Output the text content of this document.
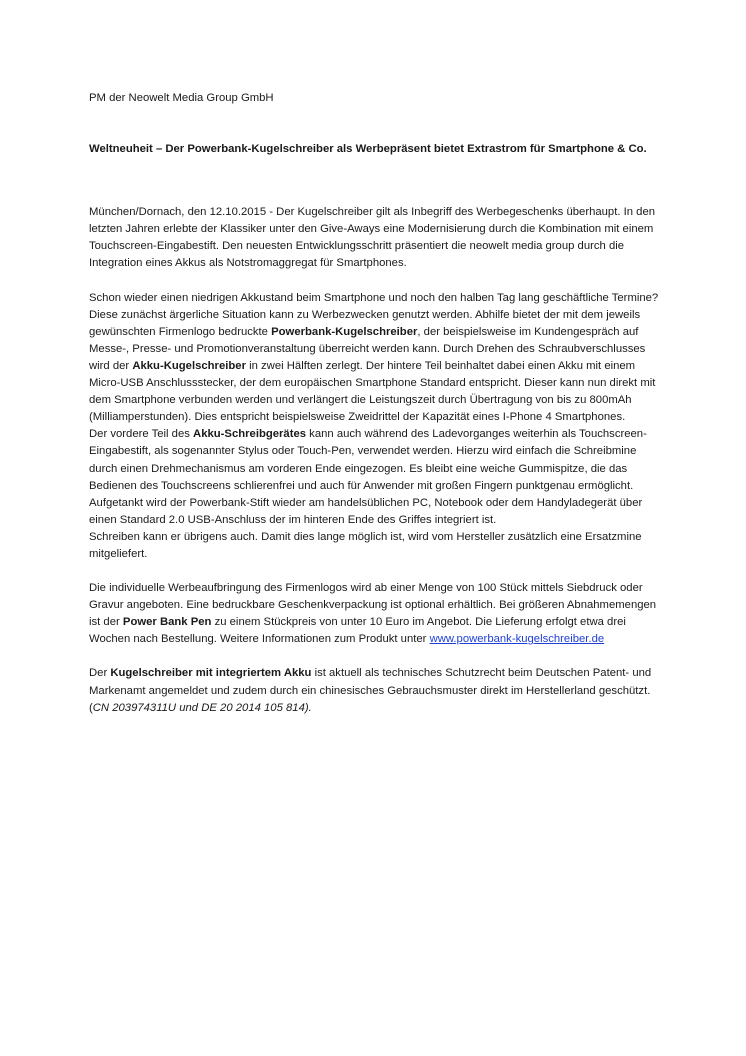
PM der Neowelt Media Group GmbH

Weltneuheit – Der Powerbank-Kugelschreiber als Werbepräsent bietet Extrastrom für Smartphone & Co.

München/Dornach, den 12.10.2015 - Der Kugelschreiber gilt als Inbegriff des Werbegeschenks überhaupt. In den letzten Jahren erlebte der Klassiker unter den Give-Aways eine Modernisierung durch die Kombination mit einem Touchscreen-Eingabestift. Den neuesten Entwicklungsschritt präsentiert die neowelt media group durch die Integration eines Akkus als Notstromaggregat für Smartphones.

Schon wieder einen niedrigen Akkustand beim Smartphone und noch den halben Tag lang geschäftliche Termine? Diese zunächst ärgerliche Situation kann zu Werbezwecken genutzt werden. Abhilfe bietet der mit dem jeweils gewünschten Firmenlogo bedruckte Powerbank-Kugelschreiber, der beispielsweise im Kundengespräch auf Messe-, Presse- und Promotionveranstaltung überreicht werden kann. Durch Drehen des Schraubverschlusses wird der Akku-Kugelschreiber in zwei Hälften zerlegt. Der hintere Teil beinhaltet dabei einen Akku mit einem Micro-USB Anschlussstecker, der dem europäischen Smartphone Standard entspricht. Dieser kann nun direkt mit dem Smartphone verbunden werden und verlängert die Leistungszeit durch Übertragung von bis zu 800mAh (Milliamperstunden). Dies entspricht beispielsweise Zweidrittel der Kapazität eines I-Phone 4 Smartphones.

Der vordere Teil des Akku-Schreibgerätes kann auch während des Ladevorganges weiterhin als Touchscreen-Eingabestift, als sogenannter Stylus oder Touch-Pen, verwendet werden. Hierzu wird einfach die Schreibmine durch einen Drehmechanismus am vorderen Ende eingezogen. Es bleibt eine weiche Gummispitze, die das Bedienen des Touchscreens schlierenfrei und auch für Anwender mit großen Fingern punktgenau ermöglicht. Aufgetankt wird der Powerbank-Stift wieder am handelsüblichen PC, Notebook oder dem Handyladegerät über einen Standard 2.0 USB-Anschluss der im hinteren Ende des Griffes integriert ist.

Schreiben kann er übrigens auch. Damit dies lange möglich ist, wird vom Hersteller zusätzlich eine Ersatzmine mitgeliefert.

Die individuelle Werbeaufbringung des Firmenlogos wird ab einer Menge von 100 Stück mittels Siebdruck oder Gravur angeboten. Eine bedruckbare Geschenkverpackung ist optional erhältlich. Bei größeren Abnahmemengen ist der Power Bank Pen zu einem Stückpreis von unter 10 Euro im Angebot. Die Lieferung erfolgt etwa drei Wochen nach Bestellung. Weitere Informationen zum Produkt unter www.powerbank-kugelschreiber.de

Der Kugelschreiber mit integriertem Akku ist aktuell als technisches Schutzrecht beim Deutschen Patent- und Markenamt angemeldet und zudem durch ein chinesisches Gebrauchsmuster direkt im Herstellerland geschützt. (CN 203974311U und DE 20 2014 105 814).
